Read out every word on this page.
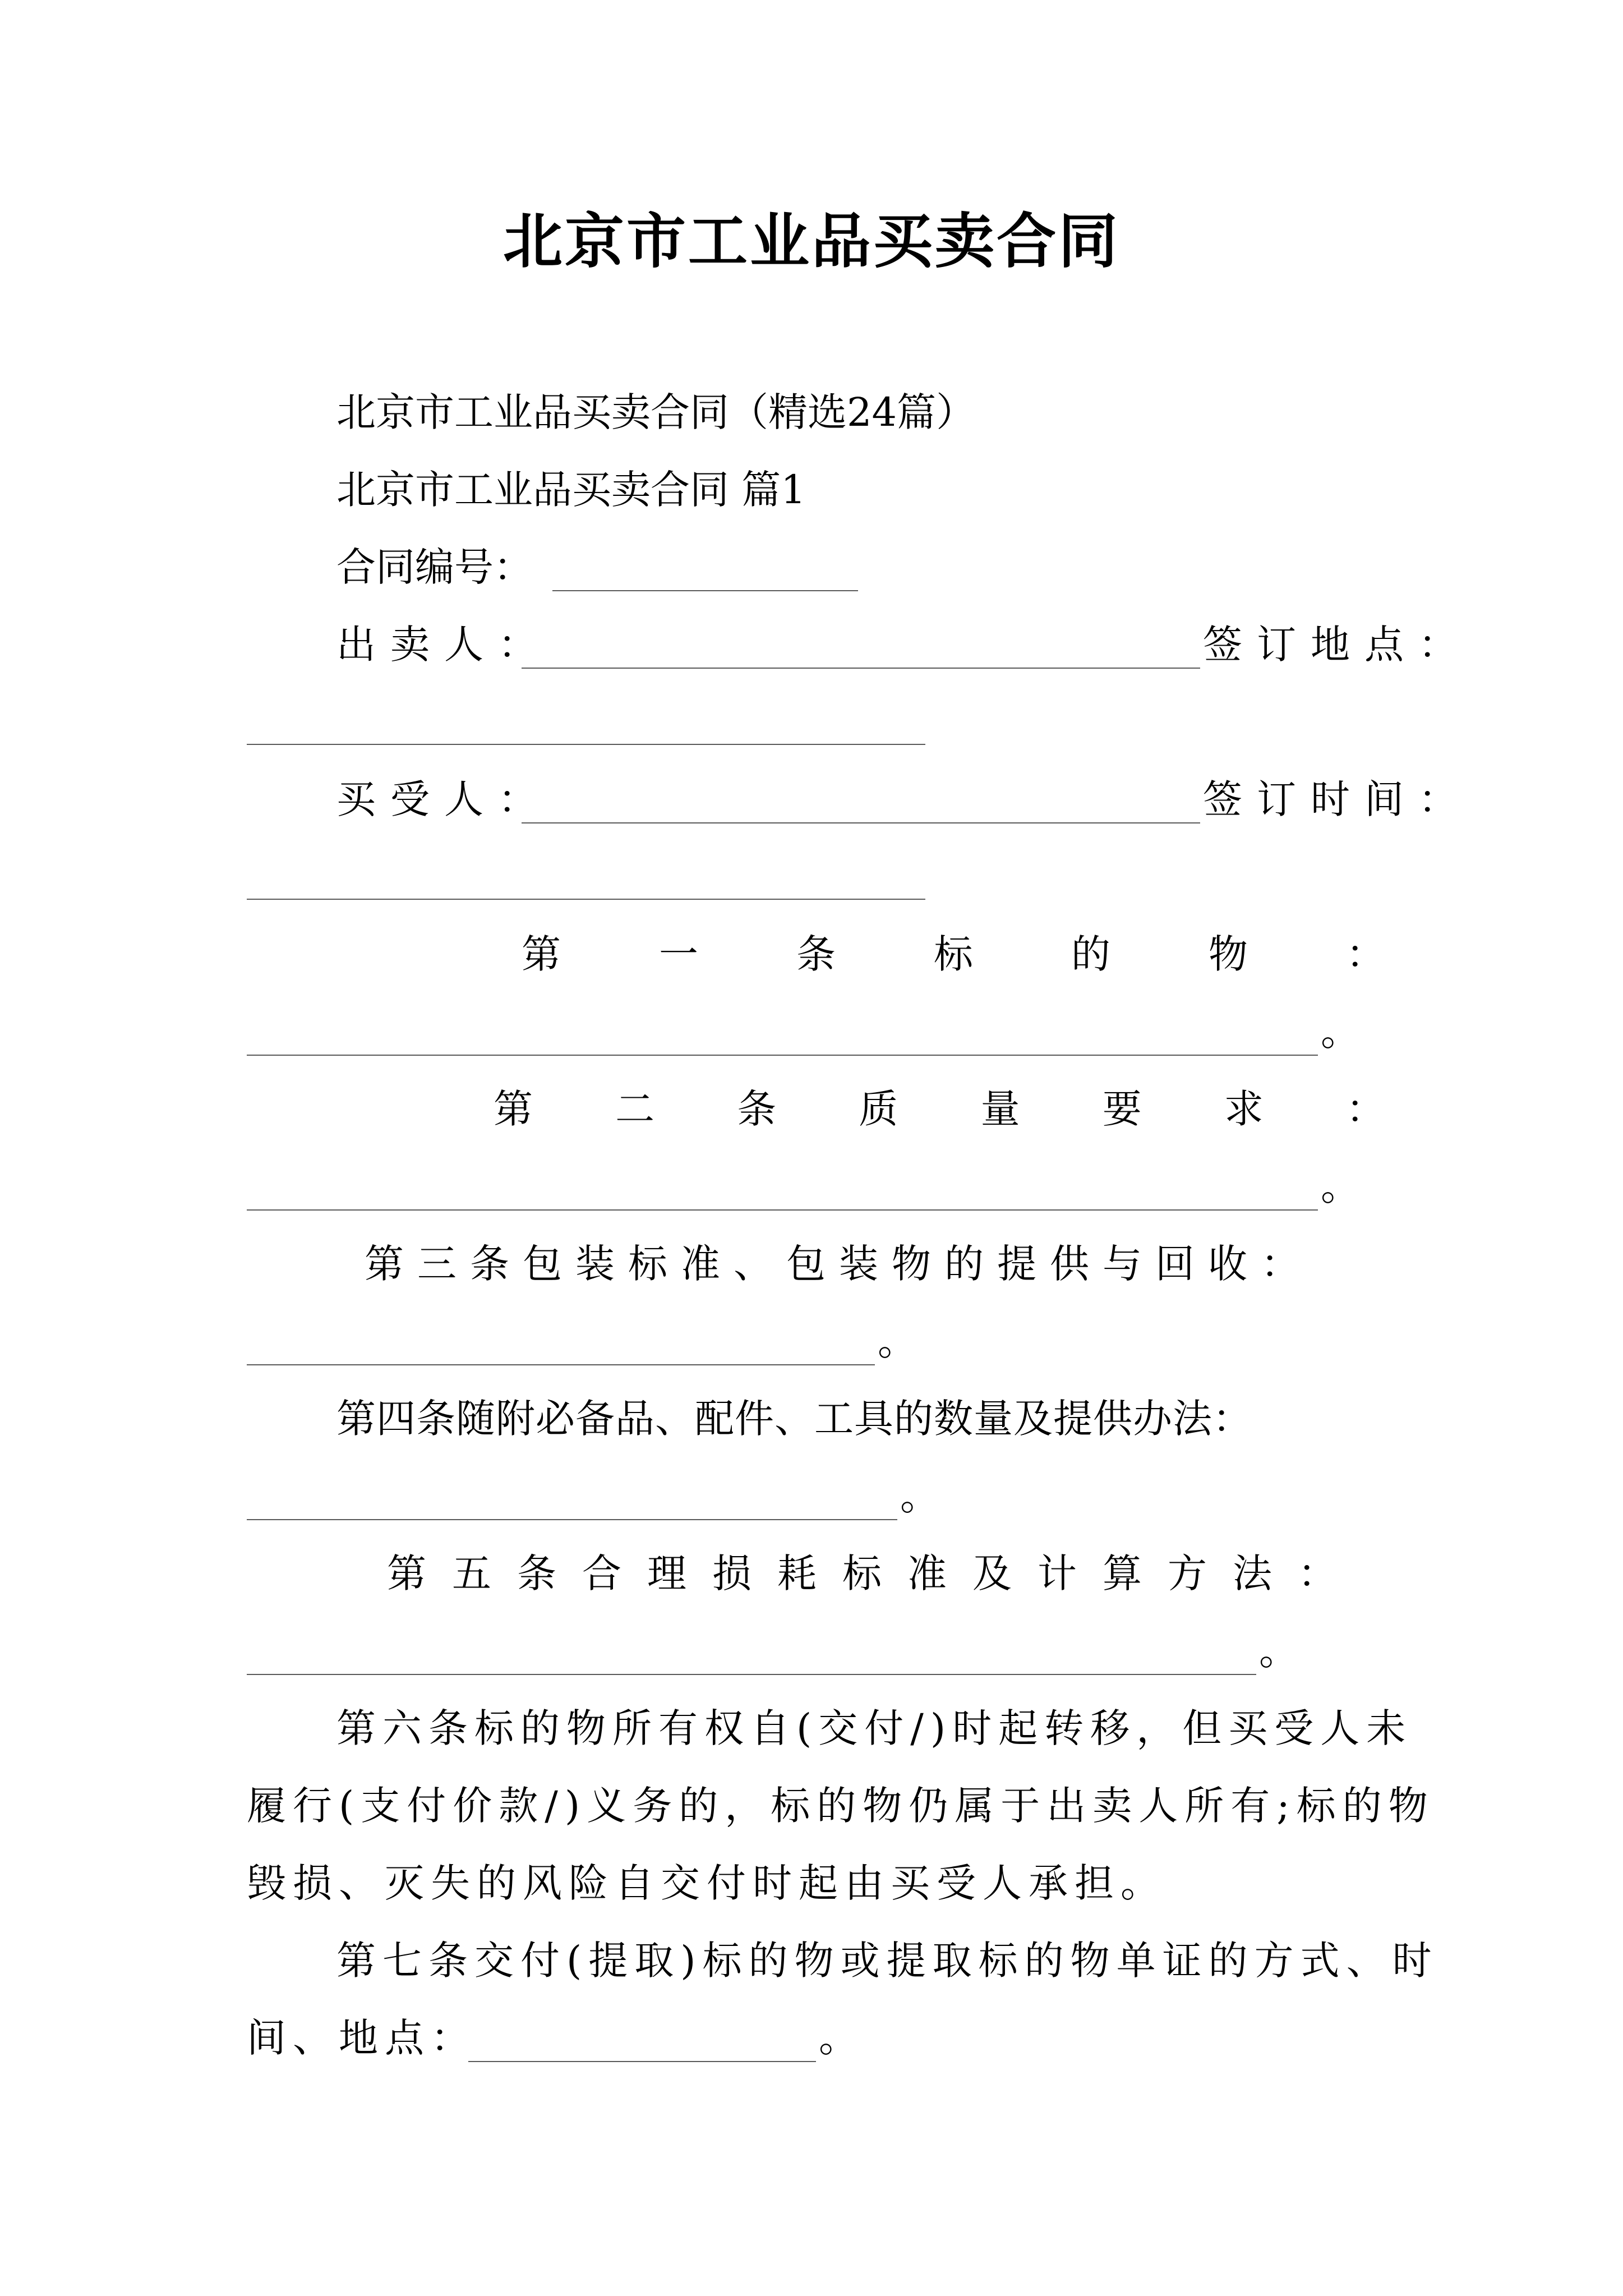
北京市工业品买卖合同
北京市工业品买卖合同（精选24篇）
北京市工业品买卖合同 篇1
合同编号：
出卖人：	签订地点：
买受人：	签订时间：
第	一	条	标	的	物	：
。
第 二 条 质 量 要 求 ：
。
第三条包装标准、包装物的提供与回收：
。
第四条随附必备品、配件、工具的数量及提供办法：
。
第五条合理损耗标准及计算方法：
。
第六条标的物所有权自(交付/)时起转移，但买受人未
履行(支付价款/)义务的，标的物仍属于出卖人所有;标的物
毁损、灭失的风险自交付时起由买受人承担。
第七条交付(提取)标的物或提取标的物单证的方式、时
间、地点：	。
